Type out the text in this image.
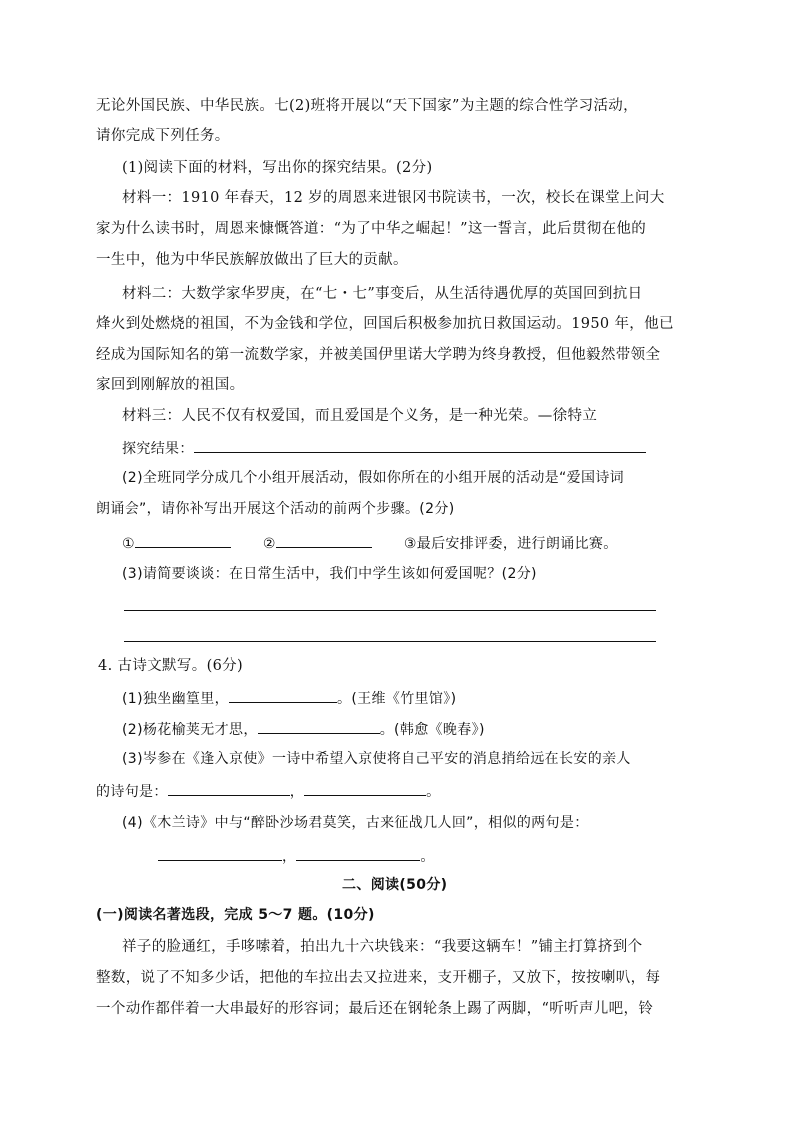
无论外国民族、中华民族。七(2)班将开展以“天下国家”为主题的综合性学习活动，
请你完成下列任务。
(1)阅读下面的材料，写出你的探究结果。(2分)
材料一：1910 年春天，12 岁的周恩来进银冈书院读书，一次，校长在课堂上问大
家为什么读书时，周恩来慷慨答道：“为了中华之崛起！”这一誓言，此后贯彻在他的
一生中，他为中华民族解放做出了巨大的贡献。
材料二：大数学家华罗庚，在“七・七”事变后，从生活待遇优厚的英国回到抗日
烽火到处燃烧的祖国，不为金钱和学位，回国后积极参加抗日救国运动。1950 年，他已
经成为国际知名的第一流数学家，并被美国伊里诺大学聘为终身教授，但他毅然带领全
家回到刚解放的祖国。
材料三：人民不仅有权爱国，而且爱国是个义务，是一种光荣。—徐特立
探究结果：
(2)全班同学分成几个小组开展活动，假如你所在的小组开展的活动是“爱国诗词
朗诵会”，请你补写出开展这个活动的前两个步骤。(2分)
①	②	③最后安排评委，进行朗诵比赛。
(3)请简要谈谈：在日常生活中，我们中学生该如何爱国呢？(2分)
4. 古诗文默写。(6分)
(1)独坐幽篁里，	。(王维《竹里馆》)
(2)杨花榆荚无才思，	。(韩愈《晚春》)
(3)岑参在《逢入京使》一诗中希望入京使将自己平安的消息捎给远在长安的亲人
的诗句是：	，	。
(4)《木兰诗》中与“醉卧沙场君莫笑，古来征战几人回”，相似的两句是：
，	。
二、阅读(50分)
(一)阅读名著选段，完成 5～7 题。(10分)
祥子的脸通红，手哆嗦着，拍出九十六块钱来：“我要这辆车！”铺主打算挤到个
整数，说了不知多少话，把他的车拉出去又拉进来，支开棚子，又放下，按按喇叭，每
一个动作都伴着一大串最好的形容词；最后还在钢轮条上踢了两脚，“听听声儿吧，铃
